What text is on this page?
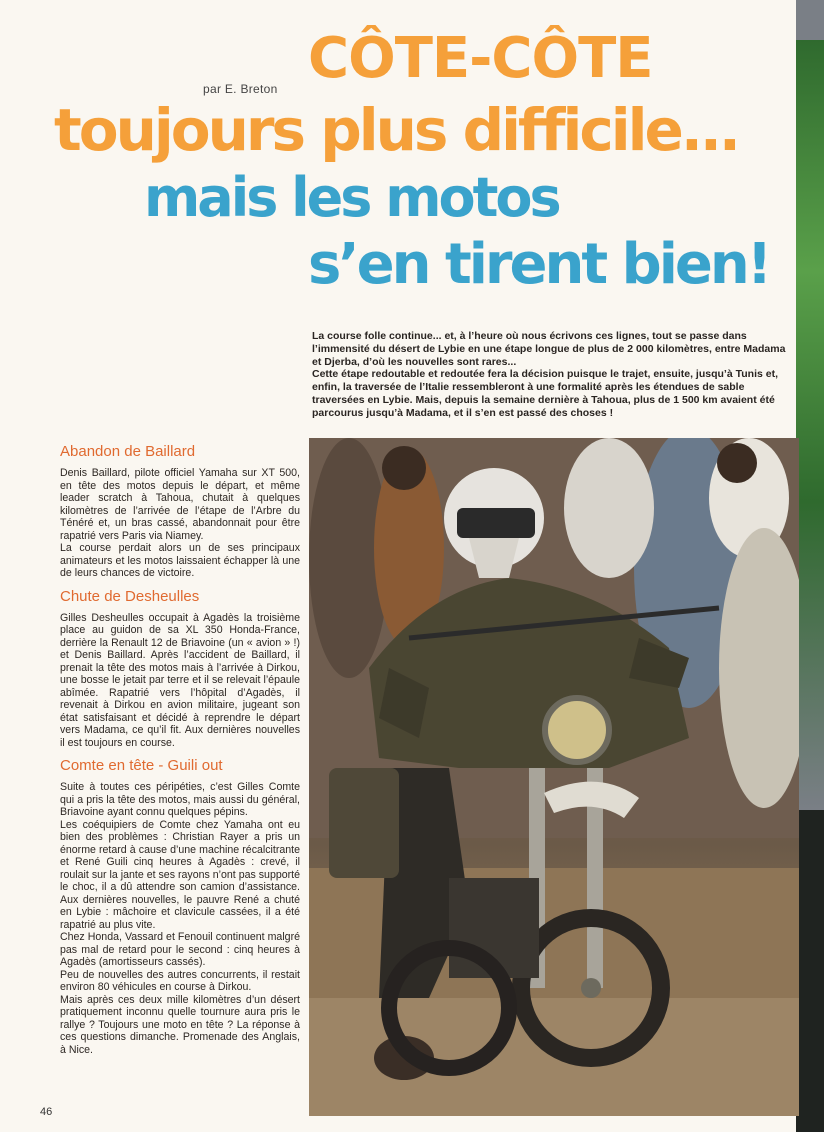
par E. Breton CÔTE-CÔTE
toujours plus difficile...
mais les motos
s’en tirent bien!

La course folle continue... et, à l’heure où nous écrivons ces lignes, tout se passe dans l’immensité du désert de Lybie en une étape longue de plus de 2 000 kilomètres, entre Madama et Djerba, d’où les nouvelles sont rares...

Cette étape redoutable et redoutée fera la décision puisque le trajet, ensuite, jusqu’à Tunis et, enfin, la traversée de l’Italie ressembleront à une formalité après les étendues de sable traversées en Lybie. Mais, depuis la semaine dernière à Tahoua, plus de 1 500 km avaient été parcourus jusqu’à Madama, et il s’en est passé des choses !

Abandon de Baillard

Denis Baillard, pilote officiel Yamaha sur XT 500, en tête des motos depuis le départ, et même leader scratch à Tahoua, chutait à quelques kilomètres de l’arrivée de l’étape de l’Arbre du Ténéré et, un bras cassé, abandonnait pour être rapatrié vers Paris via Niamey.

La course perdait alors un de ses principaux animateurs et les motos laissaient échapper là une de leurs chances de victoire.

Chute de Desheulles

Gilles Desheulles occupait à Agadès la troisième place au guidon de sa XL 350 Honda-France, derrière la Renault 12 de Briavoine (un « avion » !) et Denis Baillard. Après l’accident de Baillard, il prenait la tête des motos mais à l’arrivée à Dirkou, une bosse le jetait par terre et il se relevait l’épaule abîmée. Rapatrié vers l’hôpital d’Agadès, il revenait à Dirkou en avion militaire, jugeant son état satisfaisant et décidé à reprendre le départ vers Madama, ce qu’il fit. Aux dernières nouvelles il est toujours en course.

Comte en tête - Guili out

Suite à toutes ces péripéties, c’est Gilles Comte qui a pris la tête des motos, mais aussi du général, Briavoine ayant connu quelques pépins.

Les coéquipiers de Comte chez Yamaha ont eu bien des problèmes : Christian Rayer a pris un énorme retard à cause d’une machine récalcitrante et René Guili cinq heures à Agadès : crevé, il roulait sur la jante et ses rayons n’ont pas supporté le choc, il a dû attendre son camion d’assistance. Aux dernières nouvelles, le pauvre René a chuté en Lybie : mâchoire et clavicule cassées, il a été rapatrié au plus vite.

Chez Honda, Vassard et Fenouil continuent malgré pas mal de retard pour le second : cinq heures à Agadès (amortisseurs cassés).

Peu de nouvelles des autres concurrents, il restait environ 80 véhicules en course à Dirkou.

Mais après ces deux mille kilomètres d’un désert pratiquement inconnu quelle tournure aura pris le rallye ? Toujours une moto en tête ? La réponse à ces questions dimanche. Promenade des Anglais, à Nice.

46
